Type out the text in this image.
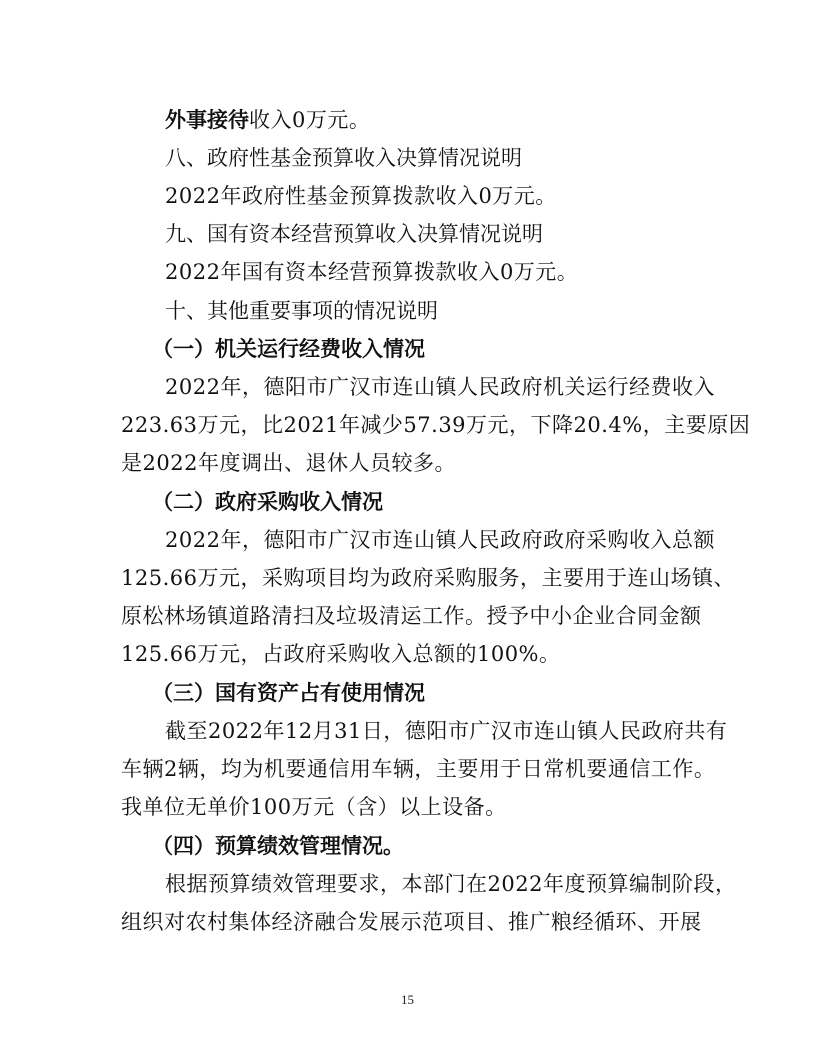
外事接待收入0万元。
八、政府性基金预算收入决算情况说明
2022年政府性基金预算拨款收入0万元。
九、国有资本经营预算收入决算情况说明
2022年国有资本经营预算拨款收入0万元。
十、其他重要事项的情况说明
（一）机关运行经费收入情况
2022年，德阳市广汉市连山镇人民政府机关运行经费收入
223.63万元，比2021年减少57.39万元，下降20.4%，主要原因
是2022年度调出、退休人员较多。
（二）政府采购收入情况
2022年，德阳市广汉市连山镇人民政府政府采购收入总额
125.66万元，采购项目均为政府采购服务，主要用于连山场镇、
原松林场镇道路清扫及垃圾清运工作。授予中小企业合同金额
125.66万元，占政府采购收入总额的100%。
（三）国有资产占有使用情况
截至2022年12月31日，德阳市广汉市连山镇人民政府共有
车辆2辆，均为机要通信用车辆，主要用于日常机要通信工作。
我单位无单价100万元（含）以上设备。
（四）预算绩效管理情况。
根据预算绩效管理要求，本部门在2022年度预算编制阶段，
组织对农村集体经济融合发展示范项目、推广粮经循环、开展
15
